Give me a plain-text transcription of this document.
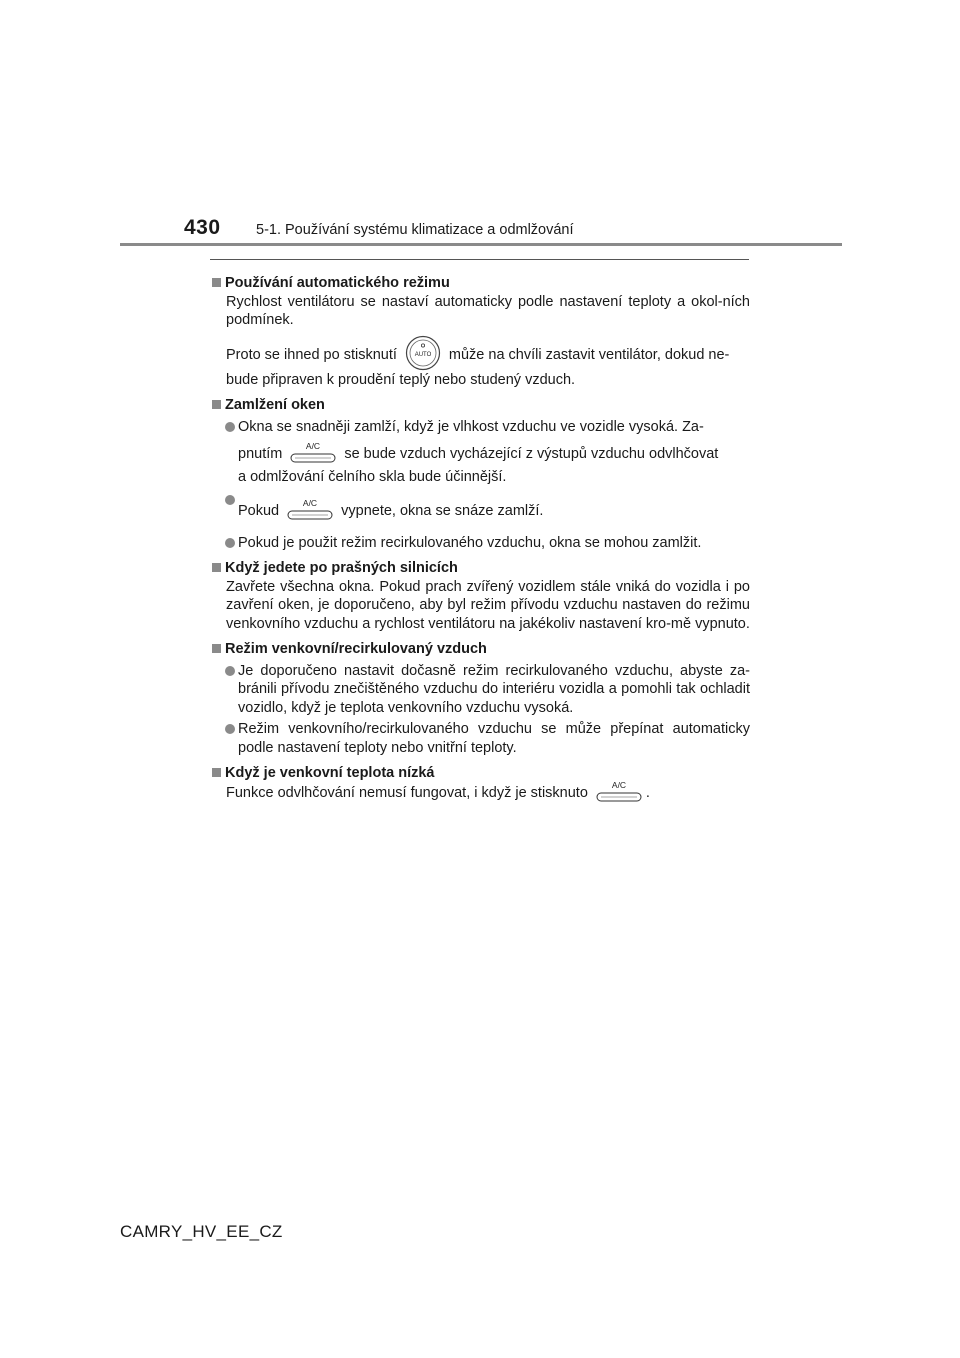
430 5-1. Používání systému klimatizace a odmlžování
Používání automatického režimu
Rychlost ventilátoru se nastaví automaticky podle nastavení teploty a okol-ních podmínek.
Proto se ihned po stisknutí	AUTO může na chvíli zastavit ventilátor, dokud ne-
bude připraven k proudění teplý nebo studený vzduch.
Zamlžení oken
Okna se snadněji zamlží, když je vlhkost vzduchu ve vozidle vysoká. Za-
pnutím	A/C se bude vzduch vycházející z výstupů vzduchu odvlhčovat
a odmlžování čelního skla bude účinnější.
Pokud	A/C vypnete, okna se snáze zamlží.
Pokud je použit režim recirkulovaného vzduchu, okna se mohou zamlžit.
Když jedete po prašných silnicích
Zavřete všechna okna. Pokud prach zvířený vozidlem stále vniká do vozidla i po zavření oken, je doporučeno, aby byl režim přívodu vzduchu nastaven do režimu venkovního vzduchu a rychlost ventilátoru na jakékoliv nastavení kro-mě vypnuto.
Režim venkovní/recirkulovaný vzduch
Je doporučeno nastavit dočasně režim recirkulovaného vzduchu, abyste za-bránili přívodu znečištěného vzduchu do interiéru vozidla a pomohli tak ochladit vozidlo, když je teplota venkovního vzduchu vysoká.
Režim venkovního/recirkulovaného vzduchu se může přepínat automaticky podle nastavení teploty nebo vnitřní teploty.
Když je venkovní teplota nízká
Funkce odvlhčování nemusí fungovat, i když je stisknuto	A/C .
CAMRY_HV_EE_CZ
